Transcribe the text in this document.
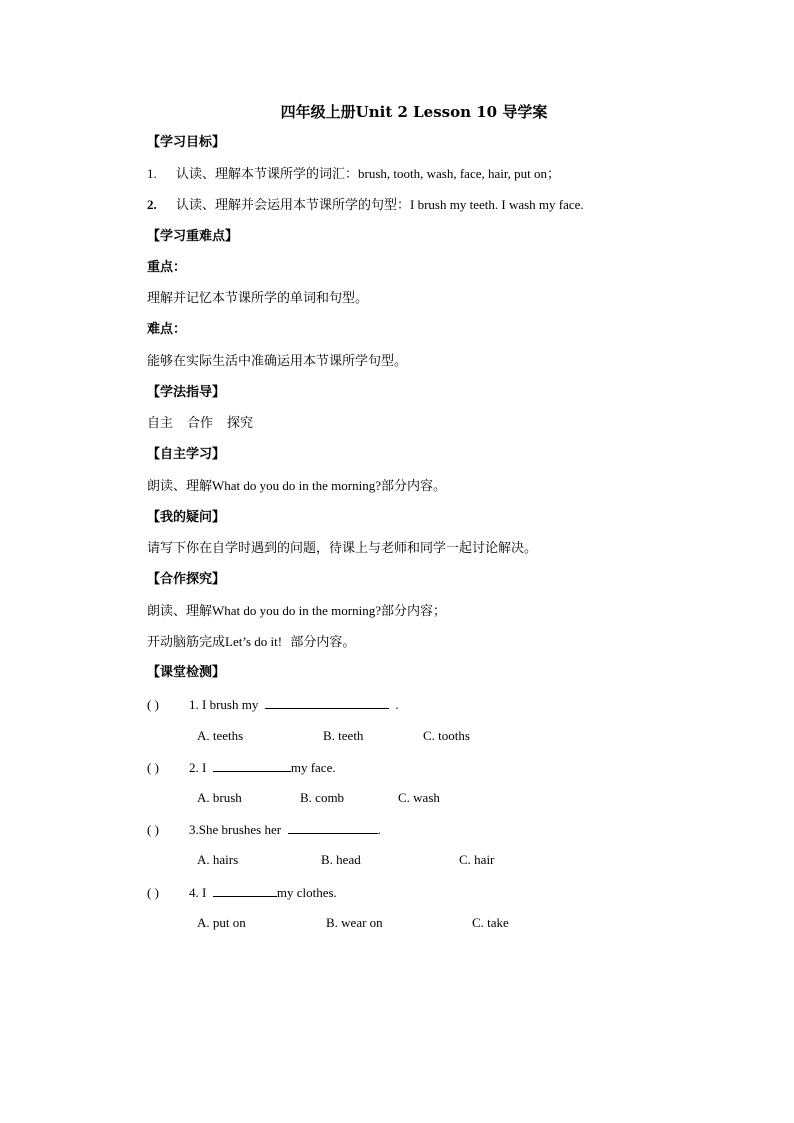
四年级上册Unit 2 Lesson 10 导学案
【学习目标】
1. 认读、理解本节课所学的词汇：brush, tooth, wash, face, hair, put on；
2. 认读、理解并会运用本节课所学的句型：I brush my teeth. I wash my face.
【学习重难点】
重点：
理解并记忆本节课所学的单词和句型。
难点：
能够在实际生活中准确运用本节课所学句型。
【学法指导】
自主 合作 探究
【自主学习】
朗读、理解What do you do in the morning?部分内容。
【我的疑问】
请写下你在自学时遇到的问题，待课上与老师和同学一起讨论解决。
【合作探究】
朗读、理解What do you do in the morning?部分内容；
开动脑筋完成Let’s do it! 部分内容。
【课堂检测】
( ) 1. I brush my	.
A. teeths	B. teeth	C. tooths
( ) 2. I	my face.
A. brush	B. comb	C. wash
( ) 3.She brushes her	.
A. hairs	B. head	C. hair
( ) 4. I	my clothes.
A. put on	B. wear on	C. take
